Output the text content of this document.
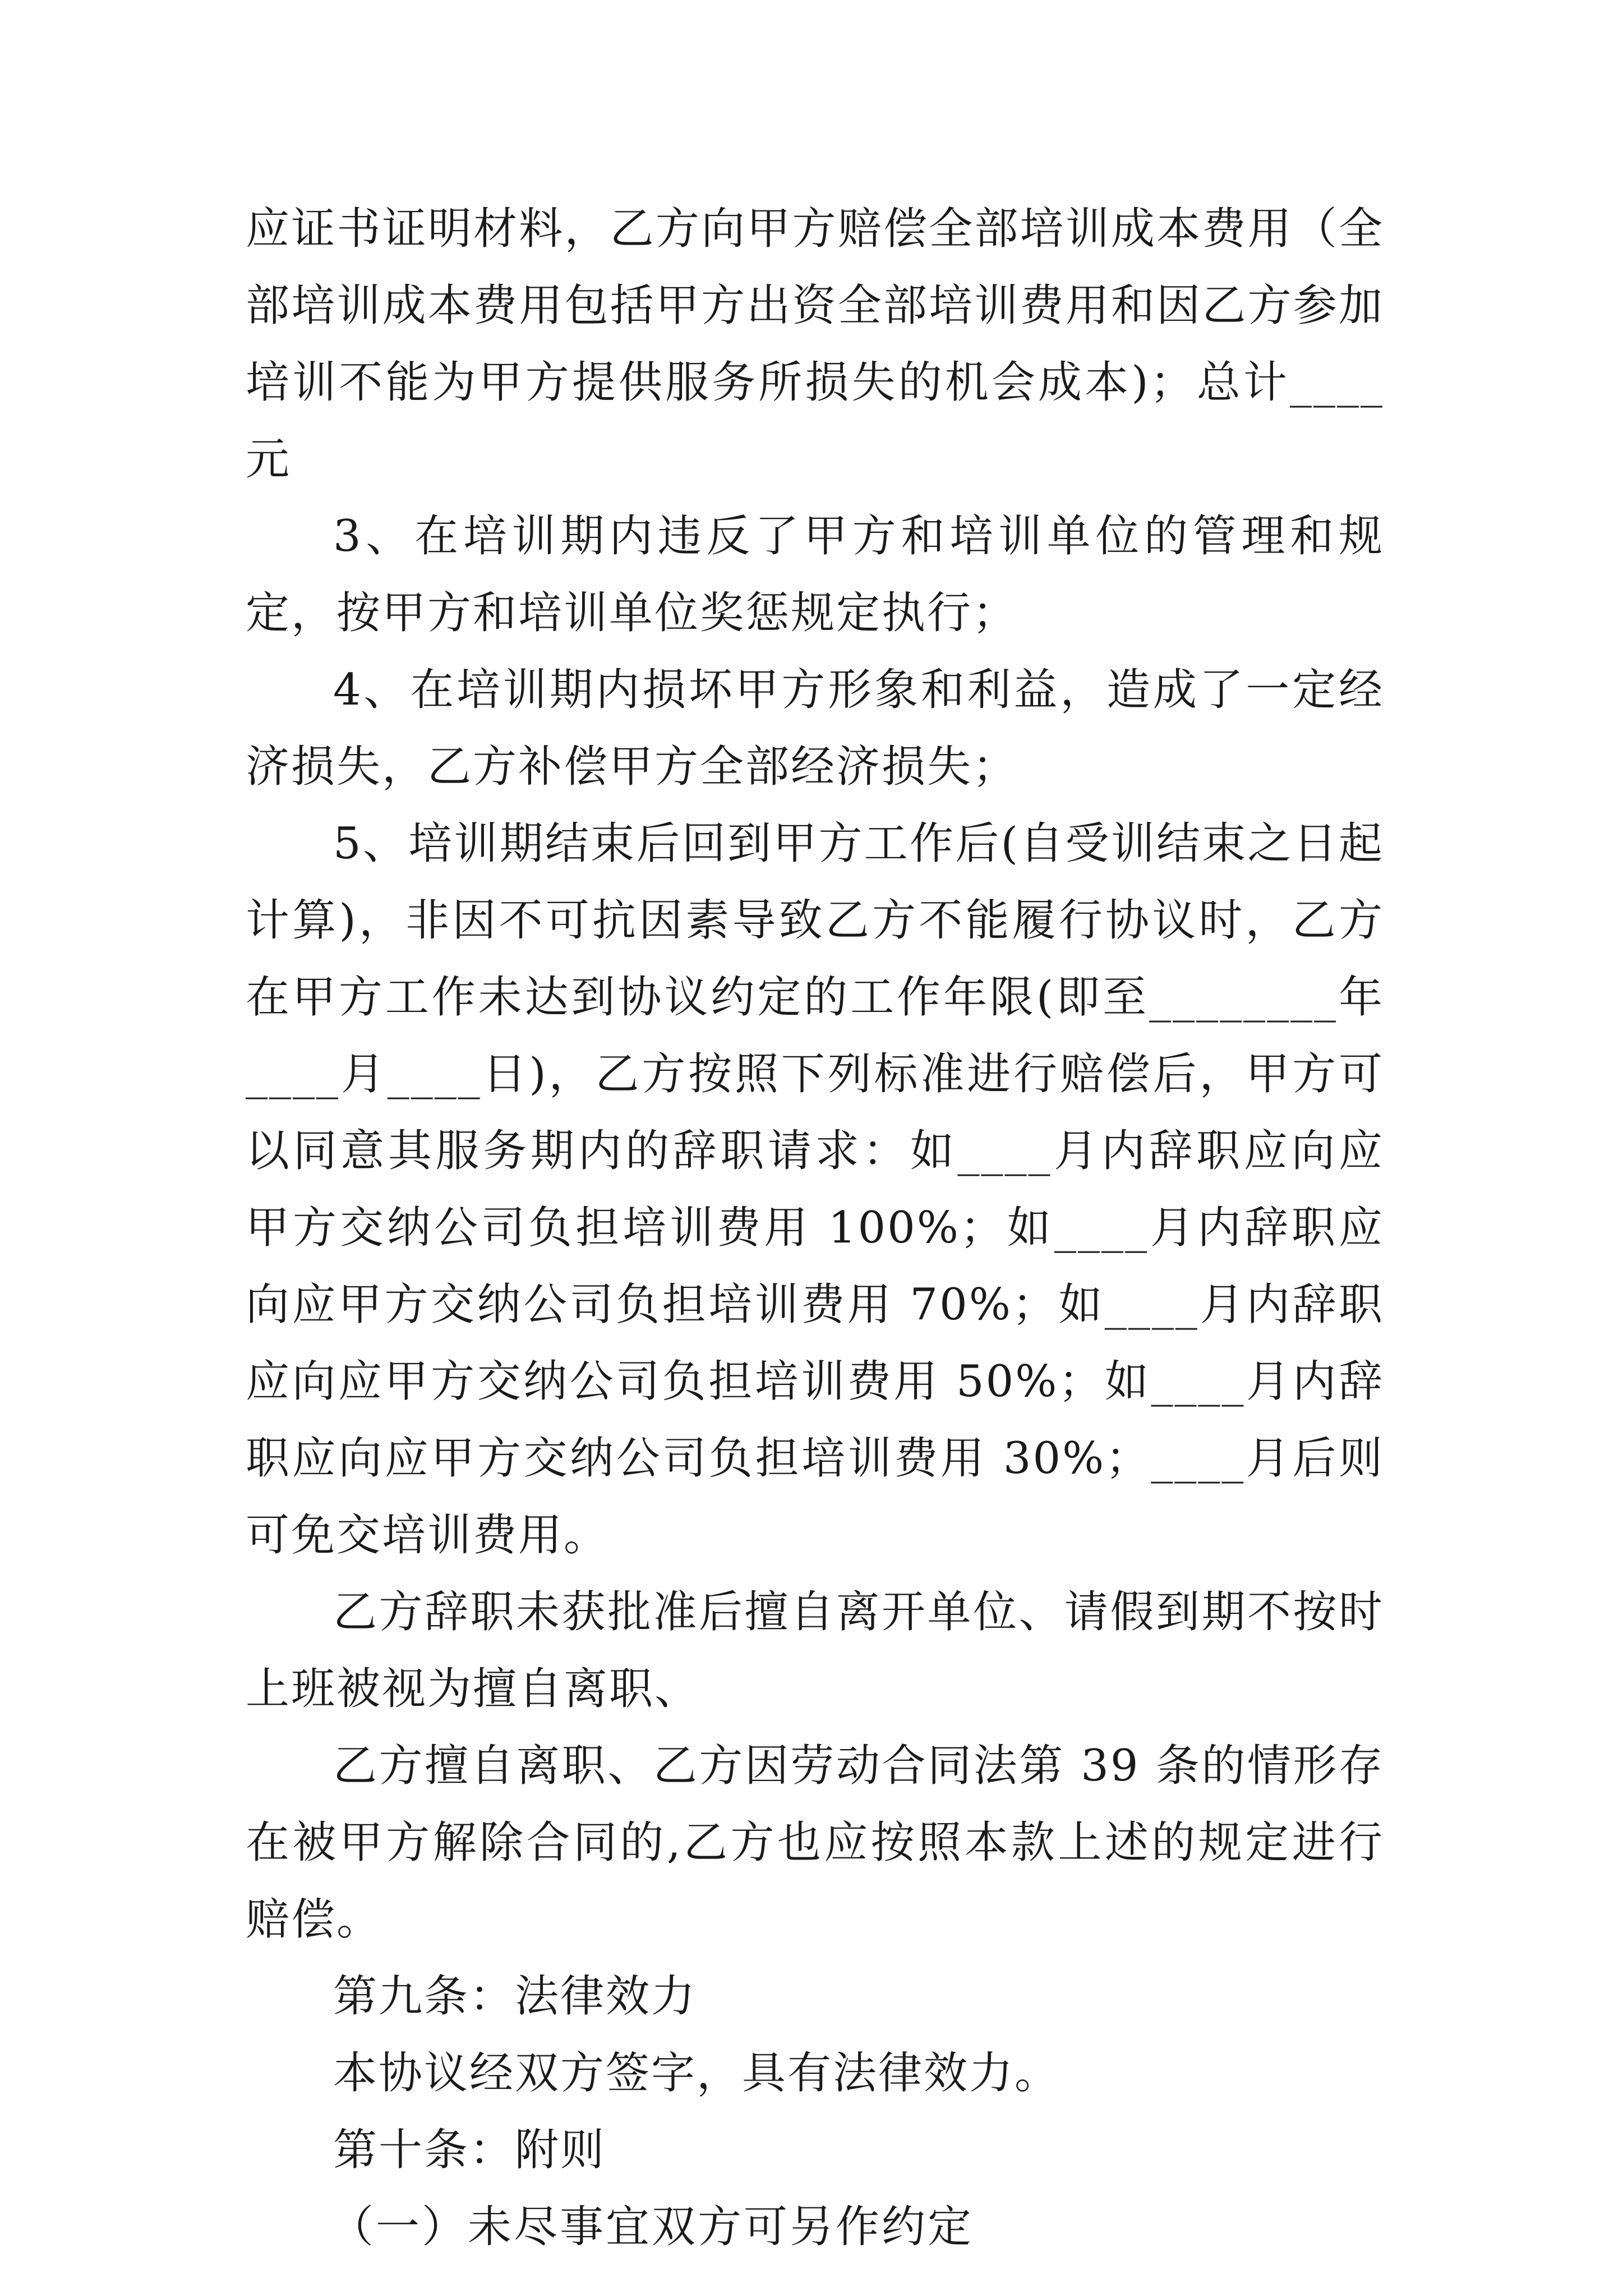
应证书证明材料，乙方向甲方赔偿全部培训成本费用（全部培训成本费用包括甲方出资全部培训费用和因乙方参加培训不能为甲方提供服务所损失的机会成本)；总计____元

3、在培训期内违反了甲方和培训单位的管理和规定，按甲方和培训单位奖惩规定执行；

4、在培训期内损坏甲方形象和利益，造成了一定经济损失，乙方补偿甲方全部经济损失；

5、培训期结束后回到甲方工作后(自受训结束之日起计算)，非因不可抗因素导致乙方不能履行协议时，乙方在甲方工作未达到协议约定的工作年限(即至________年____月____日)，乙方按照下列标准进行赔偿后，甲方可以同意其服务期内的辞职请求：如____月内辞职应向应甲方交纳公司负担培训费用 100%；如____月内辞职应向应甲方交纳公司负担培训费用 70%；如____月内辞职应向应甲方交纳公司负担培训费用 50%；如____月内辞职应向应甲方交纳公司负担培训费用 30%；____月后则可免交培训费用。

乙方辞职未获批准后擅自离开单位、请假到期不按时上班被视为擅自离职、

乙方擅自离职、乙方因劳动合同法第 39 条的情形存在被甲方解除合同的,乙方也应按照本款上述的规定进行赔偿。

第九条：法律效力

本协议经双方签字，具有法律效力。

第十条：附则

（一）未尽事宜双方可另作约定
